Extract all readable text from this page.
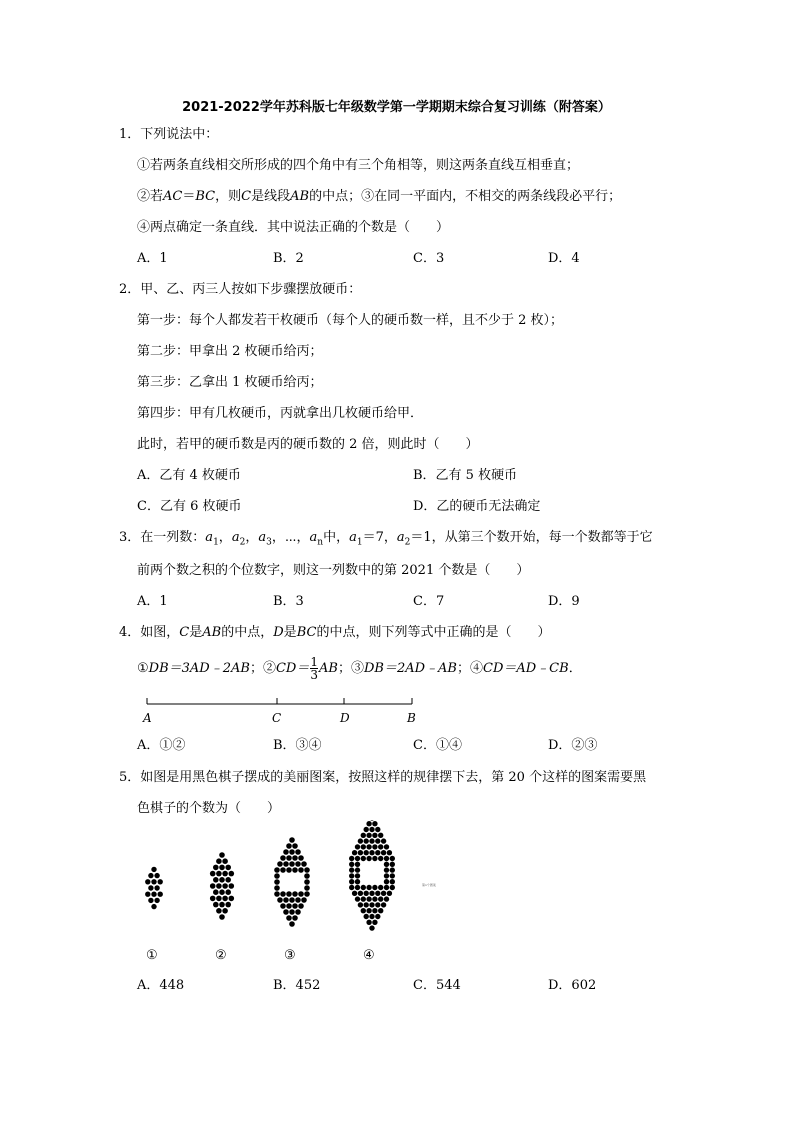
2021-2022学年苏科版七年级数学第一学期期末综合复习训练（附答案）
1．下列说法中：
①若两条直线相交所形成的四个角中有三个角相等，则这两条直线互相垂直；
②若AC＝BC，则C是线段AB的中点；③在同一平面内，不相交的两条线段必平行；
④两点确定一条直线．其中说法正确的个数是（　　）
A．1	B．2	C．3	D．4
2．甲、乙、丙三人按如下步骤摆放硬币：
第一步：每个人都发若干枚硬币（每个人的硬币数一样，且不少于 2 枚）；
第二步：甲拿出 2 枚硬币给丙；
第三步：乙拿出 1 枚硬币给丙；
第四步：甲有几枚硬币，丙就拿出几枚硬币给甲．
此时，若甲的硬币数是丙的硬币数的 2 倍，则此时（　　）
A．乙有 4 枚硬币	B．乙有 5 枚硬币
C．乙有 6 枚硬币	D．乙的硬币无法确定
3．在一列数：$a_1$，$a_2$，$a_3$，⋯，$a_n$中，$a_1=7$，$a_2=1$，从第三个数开始，每一个数都等于它
前两个数之积的个位数字，则这一列数中的第 2021 个数是（　　）
A．1	B．3	C．7	D．9
4．如图，C是AB的中点，D是BC的中点，则下列等式中正确的是（　　）
①DB＝3AD﹣2AB；②CD＝ $\frac{1}{3}$ AB；③DB＝2AD﹣AB；④CD＝AD﹣CB．
A	C	D	B
A．①②	B．③④	C．①④	D．②③
5．如图是用黑色棋子摆成的美丽图案，按照这样的规律摆下去，第 20 个这样的图案需要黑
色棋子的个数为（　　）
第n个图案
①	②	③	④
A．448	B．452	C．544	D．602
